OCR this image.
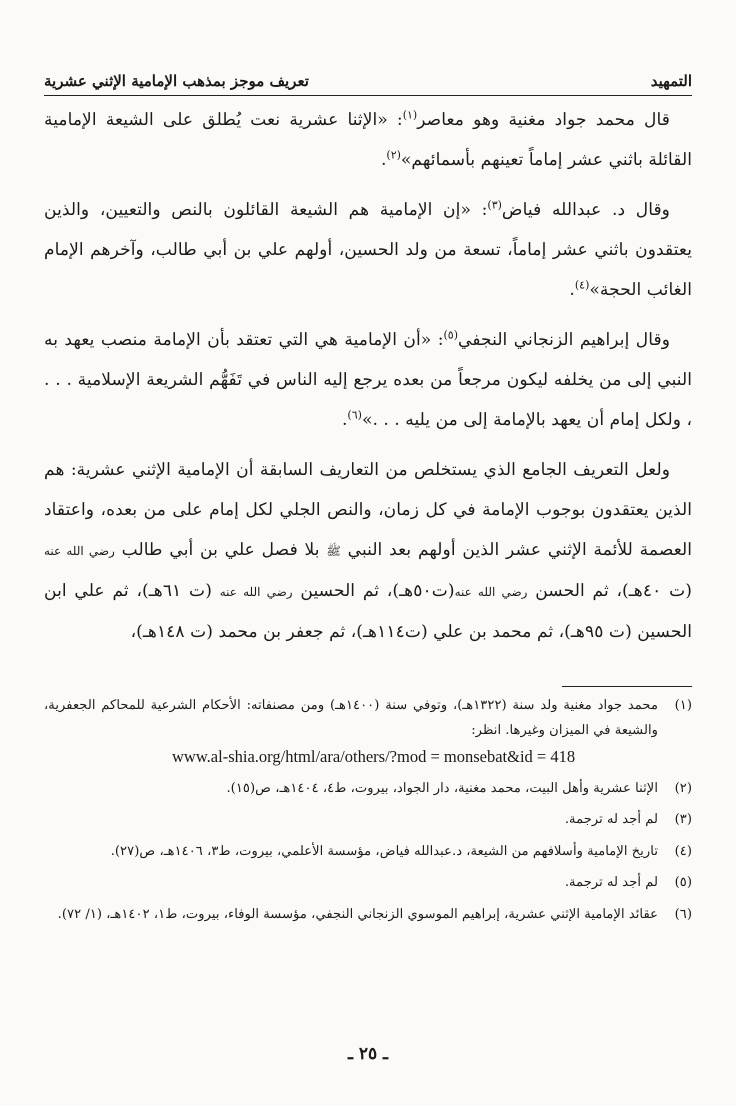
التمهيد
تعريف موجز بمذهب الإمامية الإثني عشرية

قال محمد جواد مغنية وهو معاصر$^{(١)}$: «الإثنا عشرية نعت يُطلق على الشيعة الإمامية القائلة باثني عشر إماماً تعينهم بأسمائهم»$^{(٢)}$.

وقال د. عبدالله فياض$^{(٣)}$: «إن الإمامية هم الشيعة القائلون بالنص والتعيين، والذين يعتقدون باثني عشر إماماً، تسعة من ولد الحسين، أولهم علي بن أبي طالب، وآخرهم الإمام الغائب الحجة»$^{(٤)}$.

وقال إبراهيم الزنجاني النجفي$^{(٥)}$: «أن الإمامية هي التي تعتقد بأن الإمامة منصب يعهد به النبي إلى من يخلفه ليكون مرجعاً من بعده يرجع إليه الناس في تَفَهُّم الشريعة الإسلامية . . . ، ولكل إمام أن يعهد بالإمامة إلى من يليه . . .»$^{(٦)}$.

ولعل التعريف الجامع الذي يستخلص من التعاريف السابقة أن الإمامية الإثني عشرية: هم الذين يعتقدون بوجوب الإمامة في كل زمان، والنص الجلي لكل إمام على من بعده، واعتقاد العصمة للأئمة الإثني عشر الذين أولهم بعد النبي ﷺ بلا فصل علي بن أبي طالب رضي الله عنه (ت ٤٠هـ)، ثم الحسن رضي الله عنه(ت٥٠هـ)، ثم الحسين رضي الله عنه (ت ٦١هـ)، ثم علي ابن الحسين (ت ٩٥هـ)، ثم محمد بن علي (ت١١٤هـ)، ثم جعفر بن محمد (ت ١٤٨هـ)،

(١)
محمد جواد مغنية ولد سنة (١٣٢٢هـ)، وتوفي سنة (١٤٠٠هـ) ومن مصنفاته: الأحكام الشرعية للمحاكم الجعفرية، والشيعة في الميزان وغيرها. انظر:
www.al-shia.org/html/ara/others/?mod = monsebat&id = 418
(٢)
الإثنا عشرية وأهل البيت، محمد مغنية، دار الجواد، بيروت، ط٤، ١٤٠٤هـ، ص(١٥).
(٣)
لم أجد له ترجمة.
(٤)
تاريخ الإمامية وأسلافهم من الشيعة، د.عبدالله فياض، مؤسسة الأعلمي، بيروت، ط٣، ١٤٠٦هـ، ص(٢٧).
(٥)
لم أجد له ترجمة.
(٦)
عقائد الإمامية الإثني عشرية، إبراهيم الموسوي الزنجاني النجفي، مؤسسة الوفاء، بيروت، ط١، ١٤٠٢هـ، (١/ ٧٢).
ـ ٢٥ ـ
